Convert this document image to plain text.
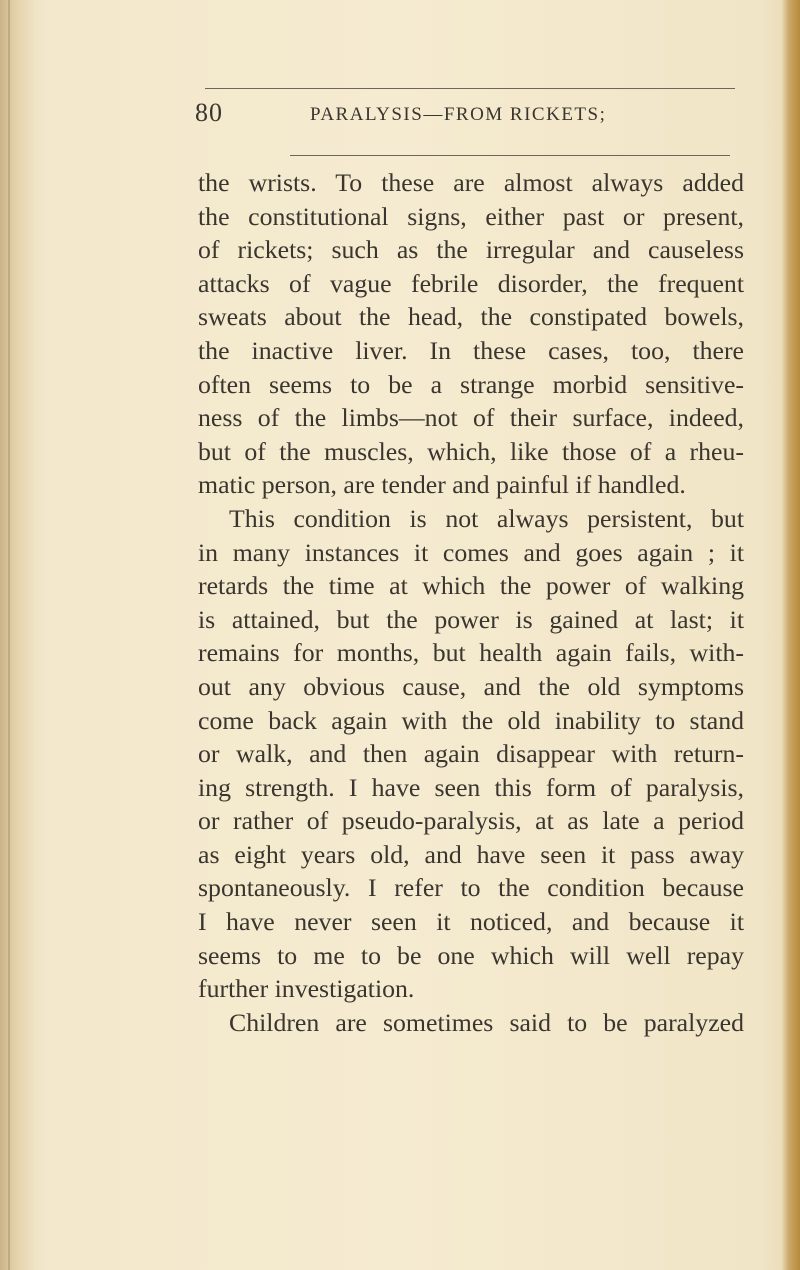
80	PARALYSIS—FROM RICKETS;
the wrists. To these are almost always added
the constitutional signs, either past or present,
of rickets; such as the irregular and causeless
attacks of vague febrile disorder, the frequent
sweats about the head, the constipated bowels,
the inactive liver. In these cases, too, there
often seems to be a strange morbid sensitive-
ness of the limbs—not of their surface, indeed,
but of the muscles, which, like those of a rheu-
matic person, are tender and painful if handled.
This condition is not always persistent, but
in many instances it comes and goes again ; it
retards the time at which the power of walking
is attained, but the power is gained at last; it
remains for months, but health again fails, with-
out any obvious cause, and the old symptoms
come back again with the old inability to stand
or walk, and then again disappear with return-
ing strength. I have seen this form of paralysis,
or rather of pseudo-paralysis, at as late a period
as eight years old, and have seen it pass away
spontaneously. I refer to the condition because
I have never seen it noticed, and because it
seems to me to be one which will well repay
further investigation.
Children are sometimes said to be paralyzed
